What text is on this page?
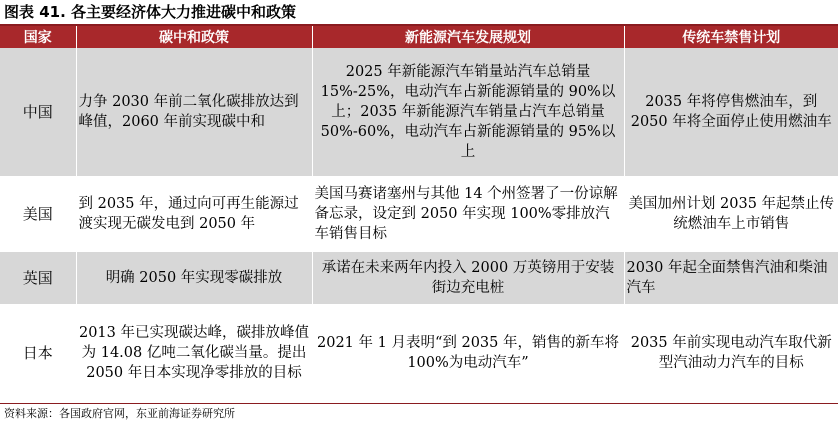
图表 41. 各主要经济体大力推进碳中和政策
国家	碳中和政策	新能源汽车发展规划	传统车禁售计划
中国	力争 2030 年前二氧化碳排放达到峰值，2060 年前实现碳中和	2025 年新能源汽车销量站汽车总销量 15%-25%，电动汽车占新能源销量的 90%以上；2035 年新能源汽车销量占汽车总销量 50%-60%，电动汽车占新能源销量的 95%以上	2035 年将停售燃油车，到 2050 年将全面停止使用燃油车
美国	到 2035 年，通过向可再生能源过渡实现无碳发电到 2050 年	美国马赛诸塞州与其他 14 个州签署了一份谅解备忘录，设定到 2050 年实现 100%零排放汽车销售目标	美国加州计划 2035 年起禁止传统燃油车上市销售
英国	明确 2050 年实现零碳排放	承诺在未来两年内投入 2000 万英镑用于安装街边充电桩	2030 年起全面禁售汽油和柴油汽车
日本	2013 年已实现碳达峰，碳排放峰值为 14.08 亿吨二氧化碳当量。提出 2050 年日本实现净零排放的目标	2021 年 1 月表明“到 2035 年，销售的新车将 100%为电动汽车”	2035 年前实现电动汽车取代新型汽油动力汽车的目标
资料来源：各国政府官网，东亚前海证券研究所
